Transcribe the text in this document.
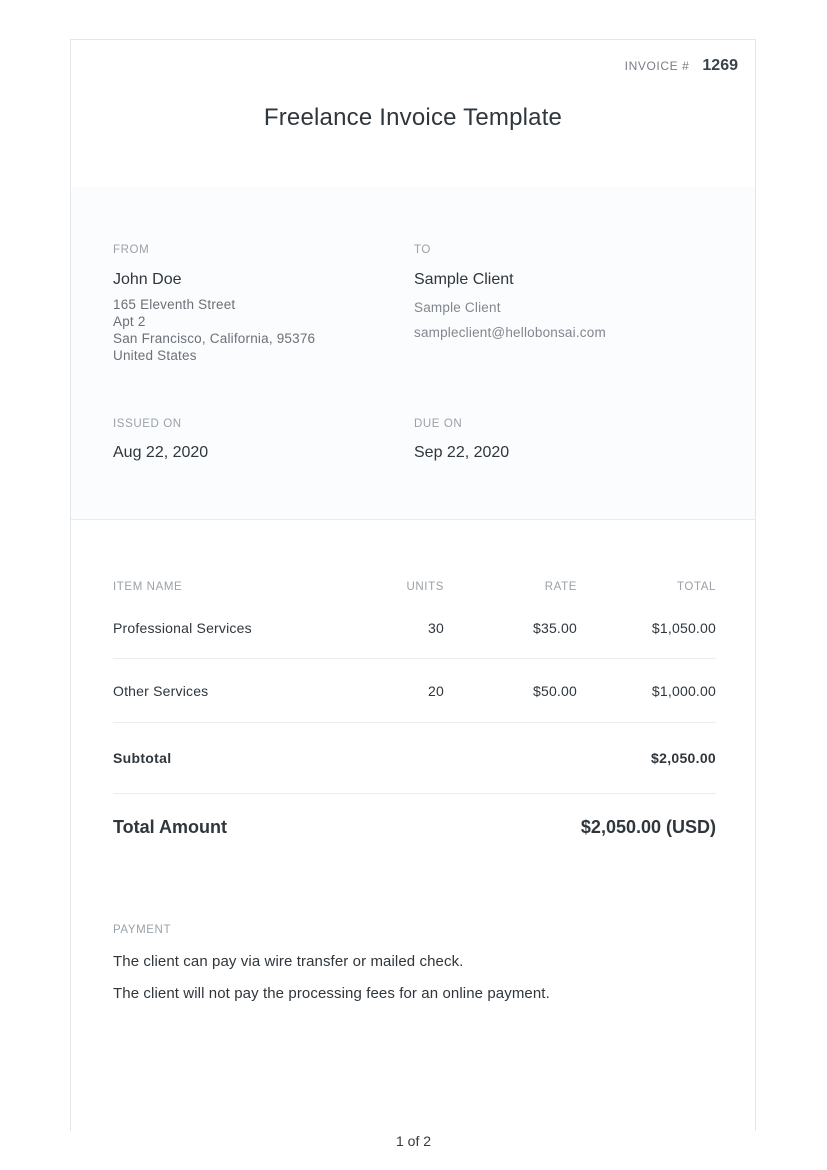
INVOICE # 1269
Freelance Invoice Template
FROM
John Doe
165 Eleventh Street
Apt 2
San Francisco, California, 95376
United States
TO
Sample Client
Sample Client
sampleclient@hellobonsai.com
ISSUED ON
Aug 22, 2020
DUE ON
Sep 22, 2020
ITEM NAME	UNITS	RATE	TOTAL
Professional Services	30	$35.00	$1,050.00
Other Services	20	$50.00	$1,000.00
Subtotal	$2,050.00
Total Amount	$2,050.00 (USD)
PAYMENT
The client can pay via wire transfer or mailed check.
The client will not pay the processing fees for an online payment.
1 of 2
